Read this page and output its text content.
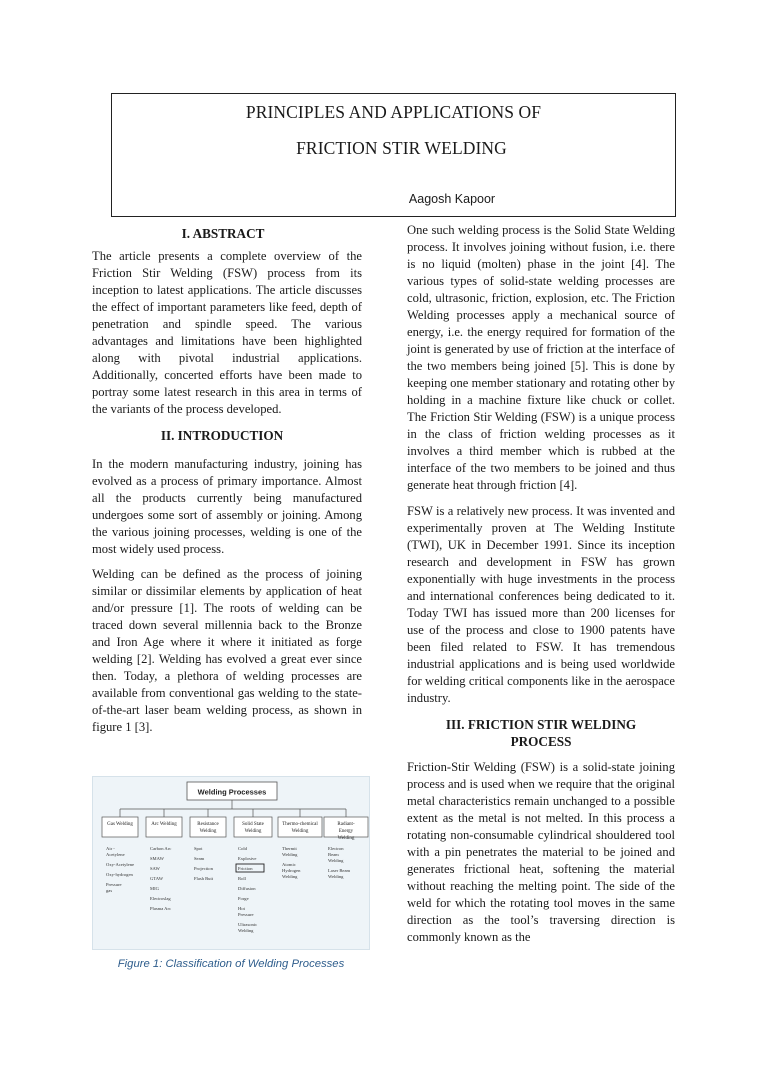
PRINCIPLES AND APPLICATIONS OF
FRICTION STIR WELDING
Aagosh Kapoor
I. ABSTRACT

The article presents a complete overview of the Friction Stir Welding (FSW) process from its inception to latest applications. The article discusses the effect of important parameters like feed, depth of penetration and spindle speed. The various advantages and limitations have been highlighted along with pivotal industrial applications. Additionally, concerted efforts have been made to portray some latest research in this area in terms of the variants of the process developed.

II. INTRODUCTION

In the modern manufacturing industry, joining has evolved as a process of primary importance. Almost all the products currently being manufactured undergoes some sort of assembly or joining. Among the various joining processes, welding is one of the most widely used process.

Welding can be defined as the process of joining similar or dissimilar elements by application of heat and/or pressure [1]. The roots of welding can be traced down several millennia back to the Bronze and Iron Age where it where it initiated as forge welding [2]. Welding has evolved a great ever since then. Today, a plethora of welding processes are available from conventional gas welding to the state-of-the-art laser beam welding process, as shown in figure 1 [3].

Welding Processes
Gas Welding
Air -
Acetylene
Oxy-Acetylene
Oxy-hydrogen
Pressure
gas
Arc Welding
Carbon Arc
SMAW
SAW
GTAW
MIG
Electroslag
Plasma Arc
Resistance
Welding
Spot
Seam
Projection
Flash Butt
Solid State
Welding
Cold
Explosive
Friction
Roll
Diffusion
Forge
Hot
Pressure
Ultrasonic
Welding
Thermo-chemical
Welding
Thermit
Welding
Atomic
Hydrogen
Welding
Radiant-
Energy
Welding
Electron
Beam
Welding
Laser Beam
Welding
Figure 1: Classification of Welding Processes

One such welding process is the Solid State Welding process. It involves joining without fusion, i.e. there is no liquid (molten) phase in the joint [4]. The various types of solid-state welding processes are cold, ultrasonic, friction, explosion, etc. The Friction Welding processes apply a mechanical source of energy, i.e. the energy required for formation of the joint is generated by use of friction at the interface of the two members being joined [5]. This is done by keeping one member stationary and rotating other by holding in a machine fixture like chuck or collet. The Friction Stir Welding (FSW) is a unique process in the class of friction welding processes as it involves a third member which is rubbed at the interface of the two members to be joined and thus generate heat through friction [4].

FSW is a relatively new process. It was invented and experimentally proven at The Welding Institute (TWI), UK in December 1991. Since its inception research and development in FSW has grown exponentially with huge investments in the process and international conferences being dedicated to it. Today TWI has issued more than 200 licenses for use of the process and close to 1900 patents have been filed related to FSW. It has tremendous industrial applications and is being used worldwide for welding critical components like in the aerospace industry.

III. FRICTION STIR WELDING
PROCESS

Friction-Stir Welding (FSW) is a solid-state joining process and is used when we require that the original metal characteristics remain unchanged to a possible extent as the metal is not melted. In this process a rotating non-consumable cylindrical shouldered tool with a pin penetrates the material to be joined and generates frictional heat, softening the material without reaching the melting point. The side of the weld for which the rotating tool moves in the same direction as the tool’s traversing direction is commonly known as the
